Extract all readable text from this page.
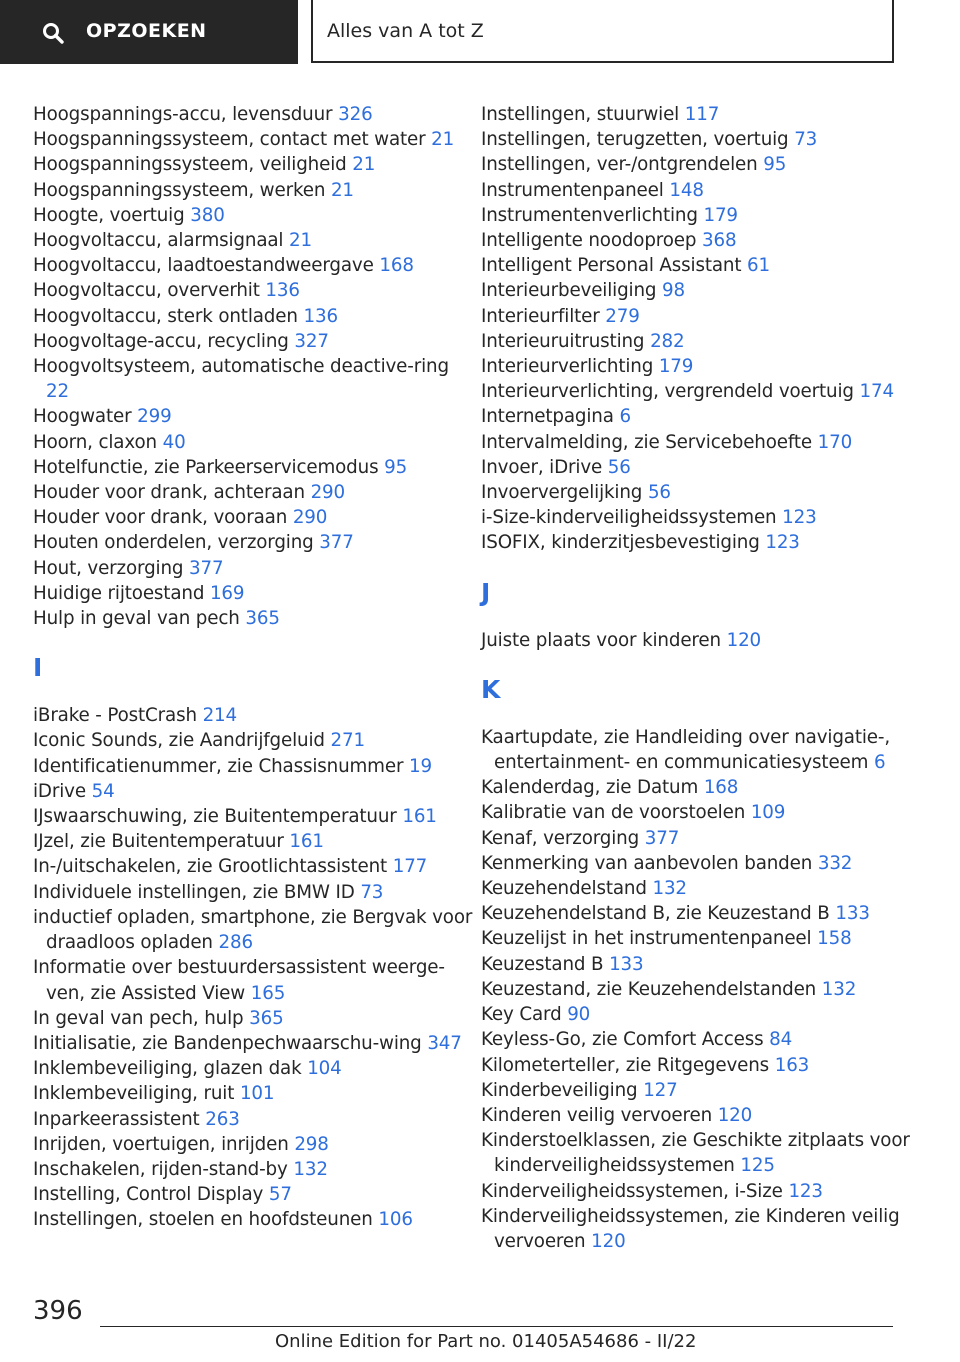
OPZOEKEN	Alles van A tot Z
Hoogspannings-accu, levensduur 326
Hoogspanningssysteem, contact met water 21
Hoogspanningssysteem, veiligheid 21
Hoogspanningssysteem, werken 21
Hoogte, voertuig 380
Hoogvoltaccu, alarmsignaal 21
Hoogvoltaccu, laadtoestandweergave 168
Hoogvoltaccu, oververhit 136
Hoogvoltaccu, sterk ontladen 136
Hoogvoltage-accu, recycling 327
Hoogvoltsysteem, automatische deactive-ring 22
Hoogwater 299
Hoorn, claxon 40
Hotelfunctie, zie Parkeerservicemodus 95
Houder voor drank, achteraan 290
Houder voor drank, vooraan 290
Houten onderdelen, verzorging 377
Hout, verzorging 377
Huidige rijtoestand 169
Hulp in geval van pech 365
I
iBrake - PostCrash 214
Iconic Sounds, zie Aandrijfgeluid 271
Identificatienummer, zie Chassisnummer 19
iDrive 54
IJswaarschuwing, zie Buitentemperatuur 161
IJzel, zie Buitentemperatuur 161
In-/uitschakelen, zie Grootlichtassistent 177
Individuele instellingen, zie BMW ID 73
inductief opladen, smartphone, zie Bergvak voor draadloos opladen 286
Informatie over bestuurdersassistent weerge-ven, zie Assisted View 165
In geval van pech, hulp 365
Initialisatie, zie Bandenpechwaarschu-wing 347
Inklembeveiliging, glazen dak 104
Inklembeveiliging, ruit 101
Inparkeerassistent 263
Inrijden, voertuigen, inrijden 298
Inschakelen, rijden-stand-by 132
Instelling, Control Display 57
Instellingen, stoelen en hoofdsteunen 106
Instellingen, stuurwiel 117
Instellingen, terugzetten, voertuig 73
Instellingen, ver-/ontgrendelen 95
Instrumentenpaneel 148
Instrumentenverlichting 179
Intelligente noodoproep 368
Intelligent Personal Assistant 61
Interieurbeveiliging 98
Interieurfilter 279
Interieuruitrusting 282
Interieurverlichting 179
Interieurverlichting, vergrendeld voertuig 174
Internetpagina 6
Intervalmelding, zie Servicebehoefte 170
Invoer, iDrive 56
Invoervergelijking 56
i-Size-kinderveiligheidssystemen 123
ISOFIX, kinderzitjesbevestiging 123
J
Juiste plaats voor kinderen 120
K
Kaartupdate, zie Handleiding over navigatie-, entertainment- en communicatiesysteem 6
Kalenderdag, zie Datum 168
Kalibratie van de voorstoelen 109
Kenaf, verzorging 377
Kenmerking van aanbevolen banden 332
Keuzehendelstand 132
Keuzehendelstand B, zie Keuzestand B 133
Keuzelijst in het instrumentenpaneel 158
Keuzestand B 133
Keuzestand, zie Keuzehendelstanden 132
Key Card 90
Keyless-Go, zie Comfort Access 84
Kilometerteller, zie Ritgegevens 163
Kinderbeveiliging 127
Kinderen veilig vervoeren 120
Kinderstoelklassen, zie Geschikte zitplaats voor kinderveiligheidssystemen 125
Kinderveiligheidssystemen, i-Size 123
Kinderveiligheidssystemen, zie Kinderen veilig vervoeren 120
396
Online Edition for Part no. 01405A54686 - II/22
